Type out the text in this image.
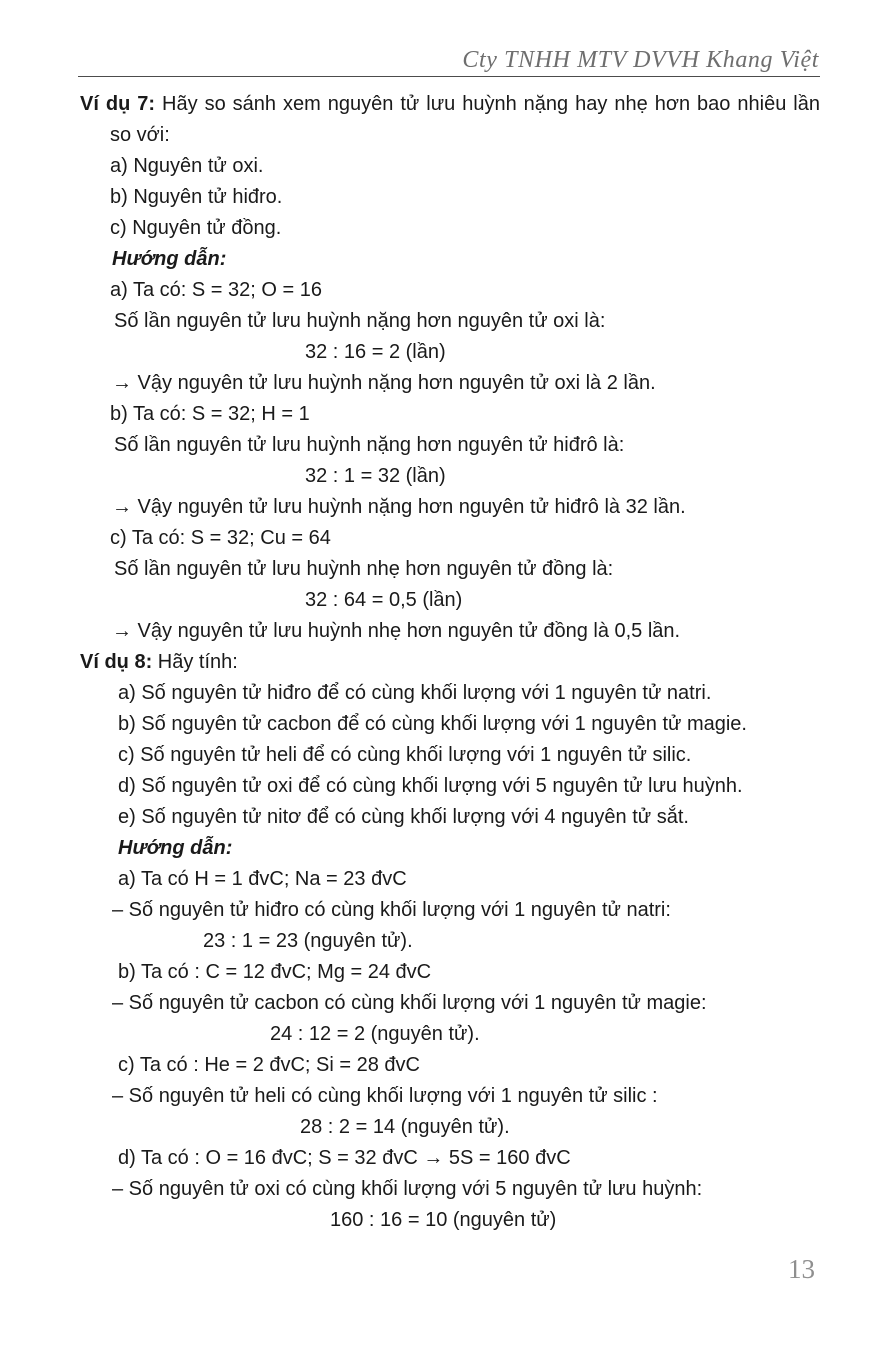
Cty TNHH MTV DVVH Khang Việt
Ví dụ 7: Hãy so sánh xem nguyên tử lưu huỳnh nặng hay nhẹ hơn bao nhiêu lần
so với:
a) Nguyên tử oxi.
b) Nguyên tử hiđro.
c) Nguyên tử đồng.
Hướng dẫn:
a) Ta có: S = 32; O = 16
Số lần nguyên tử lưu huỳnh nặng hơn nguyên tử oxi là:
32 : 16 = 2 (lần)
→ Vậy nguyên tử lưu huỳnh nặng hơn nguyên tử oxi là 2 lần.
b) Ta có: S = 32; H = 1
Số lần nguyên tử lưu huỳnh nặng hơn nguyên tử hiđrô là:
32 : 1 = 32 (lần)
→ Vậy nguyên tử lưu huỳnh nặng hơn nguyên tử hiđrô là 32 lần.
c) Ta có: S = 32; Cu = 64
Số lần nguyên tử lưu huỳnh nhẹ hơn nguyên tử đồng là:
32 : 64 = 0,5 (lần)
→ Vậy nguyên tử lưu huỳnh nhẹ hơn nguyên tử đồng là 0,5 lần.
Ví dụ 8: Hãy tính:
a) Số nguyên tử hiđro để có cùng khối lượng với 1 nguyên tử natri.
b) Số nguyên tử cacbon để có cùng khối lượng với 1 nguyên tử magie.
c) Số nguyên tử heli để có cùng khối lượng với 1 nguyên tử silic.
d) Số nguyên tử oxi để có cùng khối lượng với 5 nguyên tử lưu huỳnh.
e) Số nguyên tử nitơ để có cùng khối lượng với 4 nguyên tử sắt.
Hướng dẫn:
a) Ta có H = 1 đvC; Na = 23 đvC
– Số nguyên tử hiđro có cùng khối lượng với 1 nguyên tử natri:
23 : 1 = 23 (nguyên tử).
b) Ta có : C = 12 đvC; Mg = 24 đvC
– Số nguyên tử cacbon có cùng khối lượng với 1 nguyên tử magie:
24 : 12 = 2 (nguyên tử).
c) Ta có : He = 2 đvC; Si = 28 đvC
– Số nguyên tử heli có cùng khối lượng với 1 nguyên tử silic :
28 : 2 = 14 (nguyên tử).
d) Ta có : O = 16 đvC; S = 32 đvC → 5S = 160 đvC
– Số nguyên tử oxi có cùng khối lượng với 5 nguyên tử lưu huỳnh:
160 : 16 = 10 (nguyên tử)
13
